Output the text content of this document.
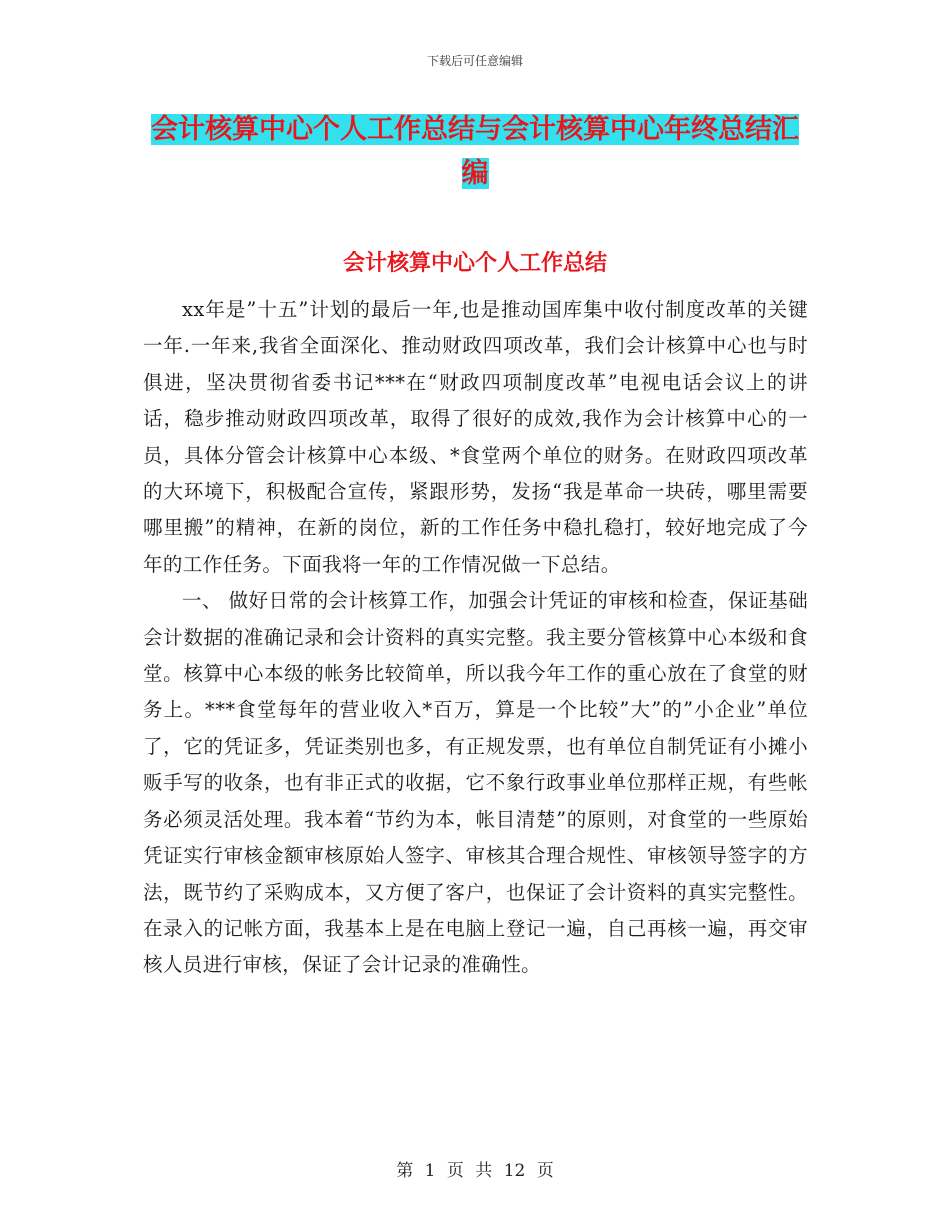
下载后可任意编辑
会计核算中心个人工作总结与会计核算中心年终总结汇编
会计核算中心个人工作总结

xx年是”十五”计划的最后一年,也是推动国库集中收付制度改革的关键一年.一年来,我省全面深化、推动财政四项改革，我们会计核算中心也与时俱进，坚决贯彻省委书记***在“财政四项制度改革”电视电话会议上的讲话，稳步推动财政四项改革，取得了很好的成效,我作为会计核算中心的一员，具体分管会计核算中心本级、*食堂两个单位的财务。在财政四项改革的大环境下，积极配合宣传，紧跟形势，发扬“我是革命一块砖，哪里需要哪里搬”的精神，在新的岗位，新的工作任务中稳扎稳打，较好地完成了今年的工作任务。下面我将一年的工作情况做一下总结。

一、 做好日常的会计核算工作，加强会计凭证的审核和检查，保证基础会计数据的准确记录和会计资料的真实完整。我主要分管核算中心本级和食堂。核算中心本级的帐务比较简单，所以我今年工作的重心放在了食堂的财务上。***食堂每年的营业收入*百万，算是一个比较”大”的”小企业”单位了，它的凭证多，凭证类别也多，有正规发票，也有单位自制凭证有小摊小贩手写的收条，也有非正式的收据，它不象行政事业单位那样正规，有些帐务必须灵活处理。我本着“节约为本，帐目清楚”的原则，对食堂的一些原始凭证实行审核金额审核原始人签字、审核其合理合规性、审核领导签字的方法，既节约了采购成本，又方便了客户，也保证了会计资料的真实完整性。在录入的记帐方面，我基本上是在电脑上登记一遍，自己再核一遍，再交审核人员进行审核，保证了会计记录的准确性。

第 1 页 共 12 页
